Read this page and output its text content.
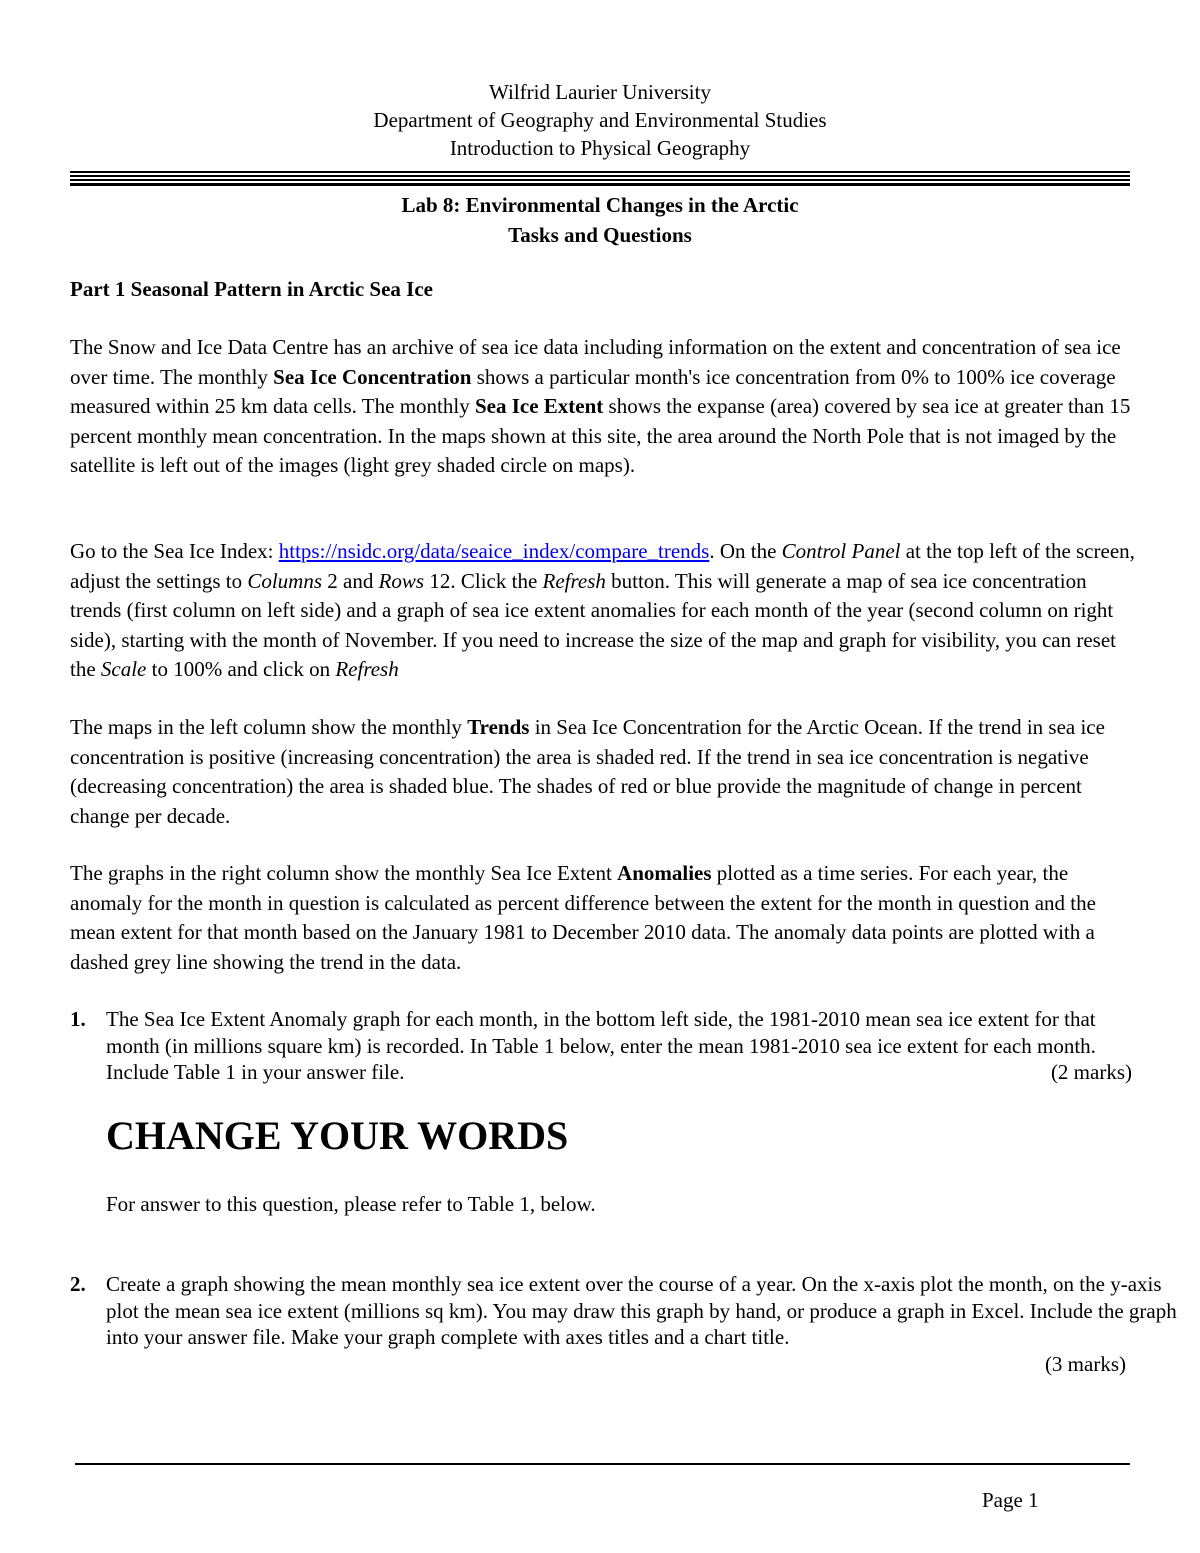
Wilfrid Laurier University
Department of Geography and Environmental Studies
Introduction to Physical Geography
Lab 8: Environmental Changes in the Arctic
Tasks and Questions
Part 1 Seasonal Pattern in Arctic Sea Ice
The Snow and Ice Data Centre has an archive of sea ice data including information on the extent and concentration of sea ice over time. The monthly Sea Ice Concentration shows a particular month's ice concentration from 0% to 100% ice coverage measured within 25 km data cells. The monthly Sea Ice Extent shows the expanse (area) covered by sea ice at greater than 15 percent monthly mean concentration. In the maps shown at this site, the area around the North Pole that is not imaged by the satellite is left out of the images (light grey shaded circle on maps).
Go to the Sea Ice Index: https://nsidc.org/data/seaice_index/compare_trends. On the Control Panel at the top left of the screen, adjust the settings to Columns 2 and Rows 12. Click the Refresh button. This will generate a map of sea ice concentration trends (first column on left side) and a graph of sea ice extent anomalies for each month of the year (second column on right side), starting with the month of November. If you need to increase the size of the map and graph for visibility, you can reset the Scale to 100% and click on Refresh
The maps in the left column show the monthly Trends in Sea Ice Concentration for the Arctic Ocean. If the trend in sea ice concentration is positive (increasing concentration) the area is shaded red. If the trend in sea ice concentration is negative (decreasing concentration) the area is shaded blue. The shades of red or blue provide the magnitude of change in percent change per decade.
The graphs in the right column show the monthly Sea Ice Extent Anomalies plotted as a time series. For each year, the anomaly for the month in question is calculated as percent difference between the extent for the month in question and the mean extent for that month based on the January 1981 to December 2010 data. The anomaly data points are plotted with a dashed grey line showing the trend in the data.
1. The Sea Ice Extent Anomaly graph for each month, in the bottom left side, the 1981-2010 mean sea ice extent for that month (in millions square km) is recorded. In Table 1 below, enter the mean 1981-2010 sea ice extent for each month. Include Table 1 in your answer file.	(2 marks)
CHANGE YOUR WORDS
For answer to this question, please refer to Table 1, below.
2. Create a graph showing the mean monthly sea ice extent over the course of a year. On the x-axis plot the month, on the y-axis plot the mean sea ice extent (millions sq km). You may draw this graph by hand, or produce a graph in Excel. Include the graph into your answer file. Make your graph complete with axes titles and a chart title.
(3 marks)
Page 1
